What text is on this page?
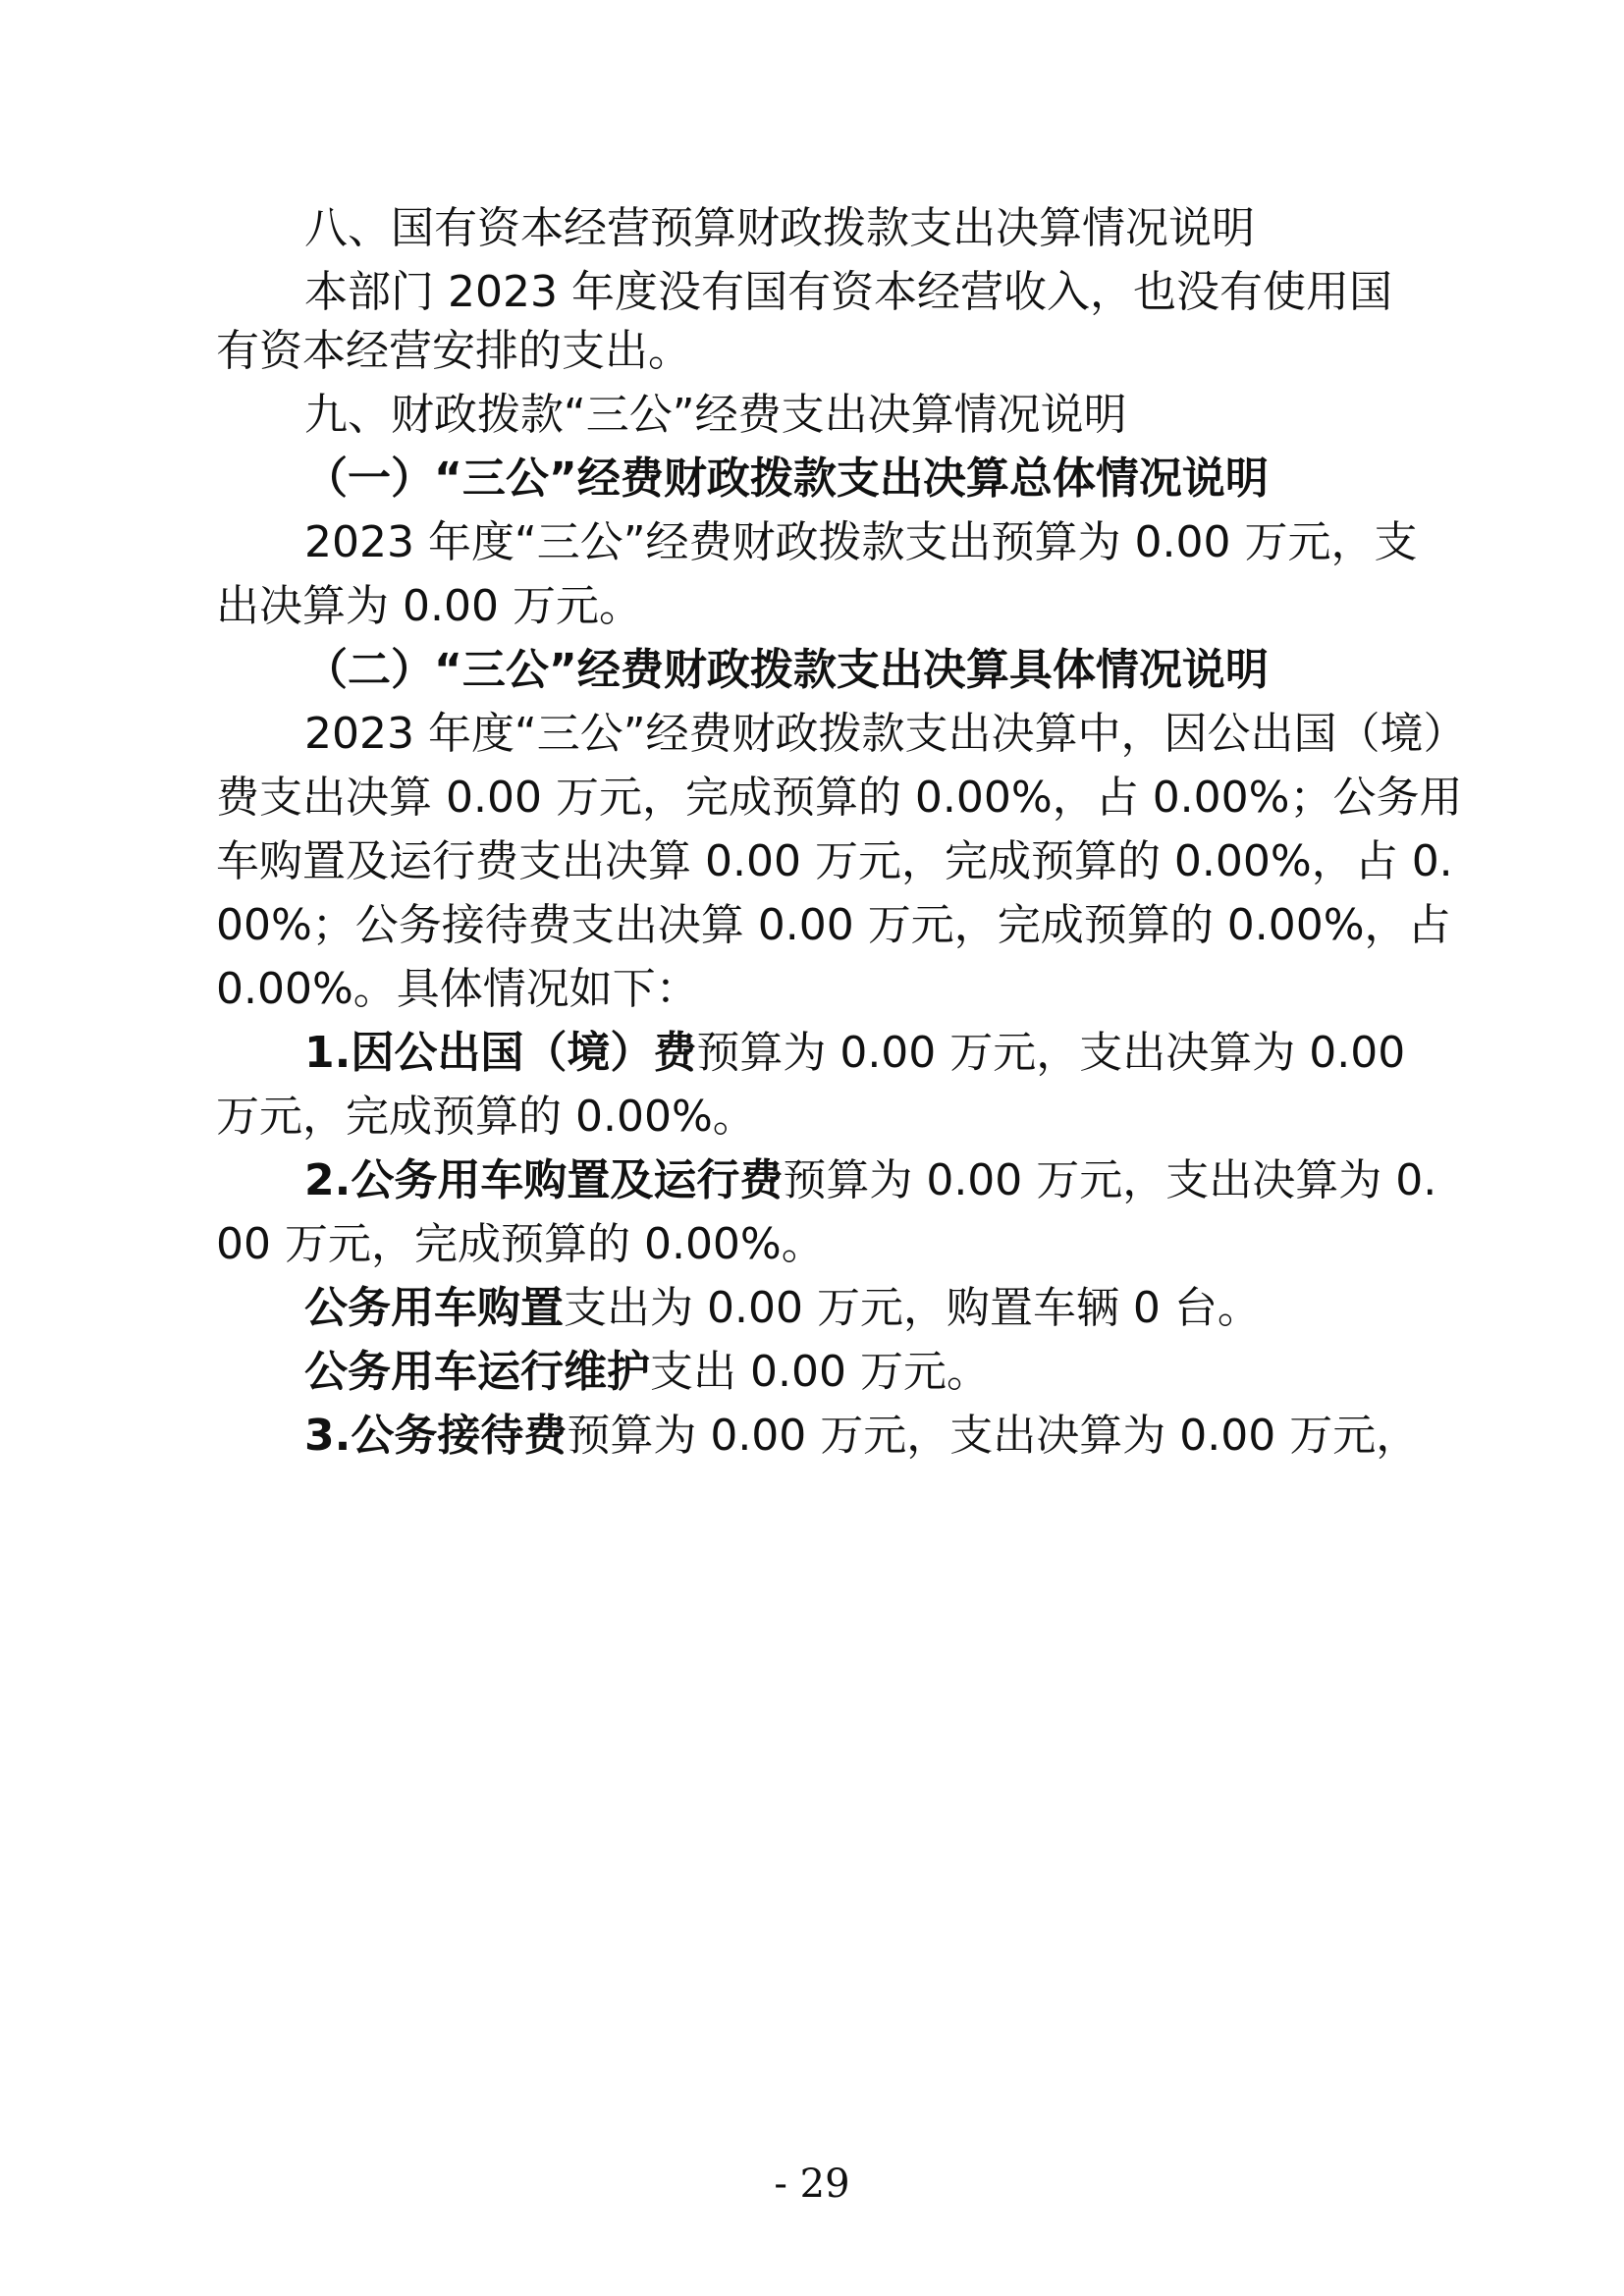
八、国有资本经营预算财政拨款支出决算情况说明
本部门 2023 年度没有国有资本经营收入，也没有使用国
有资本经营安排的支出。
九、财政拨款“三公”经费支出决算情况说明
（一）“三公”经费财政拨款支出决算总体情况说明
2023 年度“三公”经费财政拨款支出预算为 0.00 万元，支
出决算为 0.00 万元。
（二）“三公”经费财政拨款支出决算具体情况说明
2023 年度“三公”经费财政拨款支出决算中，因公出国（境）
费支出决算 0.00 万元，完成预算的 0.00%，占 0.00%；公务用
车购置及运行费支出决算 0.00 万元，完成预算的 0.00%，占 0.
00%；公务接待费支出决算 0.00 万元，完成预算的 0.00%，占
0.00%。具体情况如下：
1.因公出国（境）费预算为 0.00 万元，支出决算为 0.00
万元，完成预算的 0.00%。
2.公务用车购置及运行费预算为 0.00 万元，支出决算为 0.
00 万元，完成预算的 0.00%。
公务用车购置支出为 0.00 万元，购置车辆 0 台。
公务用车运行维护支出 0.00 万元。
3.公务接待费预算为 0.00 万元，支出决算为 0.00 万元，
- 29
